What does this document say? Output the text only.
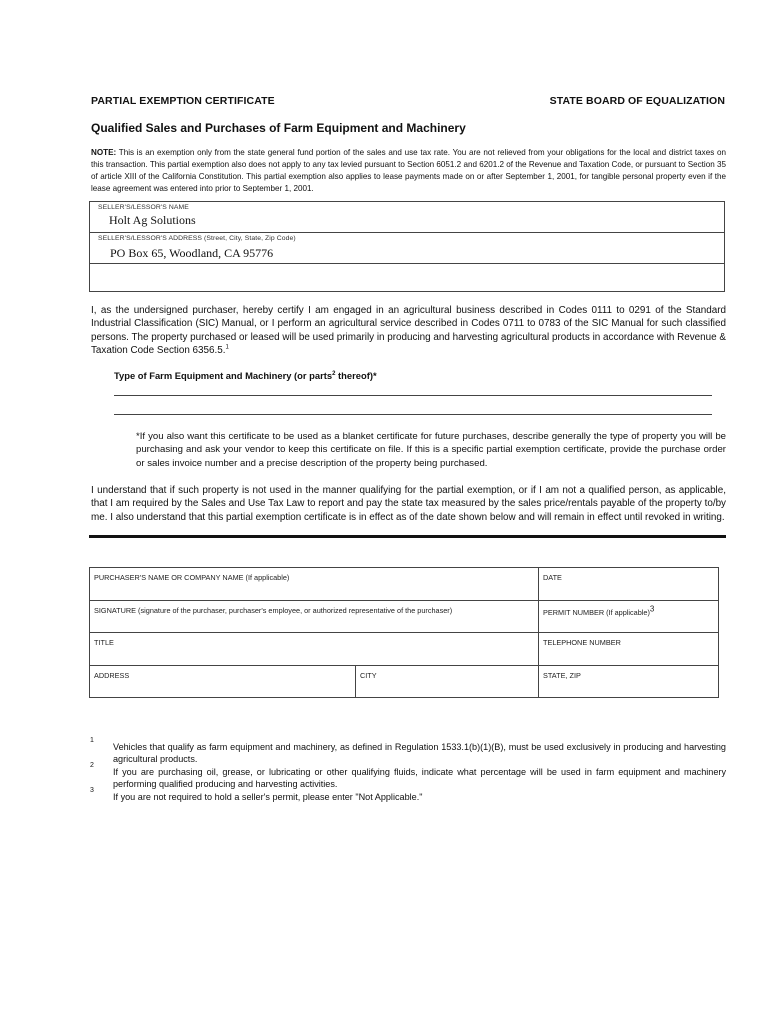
PARTIAL EXEMPTION CERTIFICATE	STATE BOARD OF EQUALIZATION
Qualified Sales and Purchases of Farm Equipment and Machinery
NOTE: This is an exemption only from the state general fund portion of the sales and use tax rate. You are not relieved from your obligations for the local and district taxes on this transaction. This partial exemption also does not apply to any tax levied pursuant to Section 6051.2 and 6201.2 of the Revenue and Taxation Code, or pursuant to Section 35 of article XIII of the California Constitution. This partial exemption also applies to lease payments made on or after September 1, 2001, for tangible personal property even if the lease agreement was entered into prior to September 1, 2001.
SELLER'S/LESSOR'S NAME
Holt Ag Solutions
SELLER'S/LESSOR'S ADDRESS (Street, City, State, Zip Code)
PO Box 65, Woodland, CA 95776
I, as the undersigned purchaser, hereby certify I am engaged in an agricultural business described in Codes 0111 to 0291 of the Standard Industrial Classification (SIC) Manual, or I perform an agricultural service described in Codes 0711 to 0783 of the SIC Manual for such classified persons. The property purchased or leased will be used primarily in producing and harvesting agricultural products in accordance with Revenue & Taxation Code Section 6356.5.$^1$
Type of Farm Equipment and Machinery (or parts$^2$ thereof)*
*If you also want this certificate to be used as a blanket certificate for future purchases, describe generally the type of property you will be purchasing and ask your vendor to keep this certificate on file. If this is a specific partial exemption certificate, provide the purchase order or sales invoice number and a precise description of the property being purchased.
I understand that if such property is not used in the manner qualifying for the partial exemption, or if I am not a qualified person, as applicable, that I am required by the Sales and Use Tax Law to report and pay the state tax measured by the sales price/rentals payable of the property to/by me. I also understand that this partial exemption certificate is in effect as of the date shown below and will remain in effect until revoked in writing.
PURCHASER'S NAME OR COMPANY NAME (If applicable)		DATE
SIGNATURE (signature of the purchaser, purchaser's employee, or authorized representative of the purchaser)		PERMIT NUMBER (If applicable)$^3$
TITLE		TELEPHONE NUMBER
ADDRESS	CITY	STATE, ZIP
1
Vehicles that qualify as farm equipment and machinery, as defined in Regulation 1533.1(b)(1)(B), must be used exclusively in producing and harvesting agricultural products.
2
If you are purchasing oil, grease, or lubricating or other qualifying fluids, indicate what percentage will be used in farm equipment and machinery performing qualified producing and harvesting activities.
3
If you are not required to hold a seller's permit, please enter "Not Applicable."
